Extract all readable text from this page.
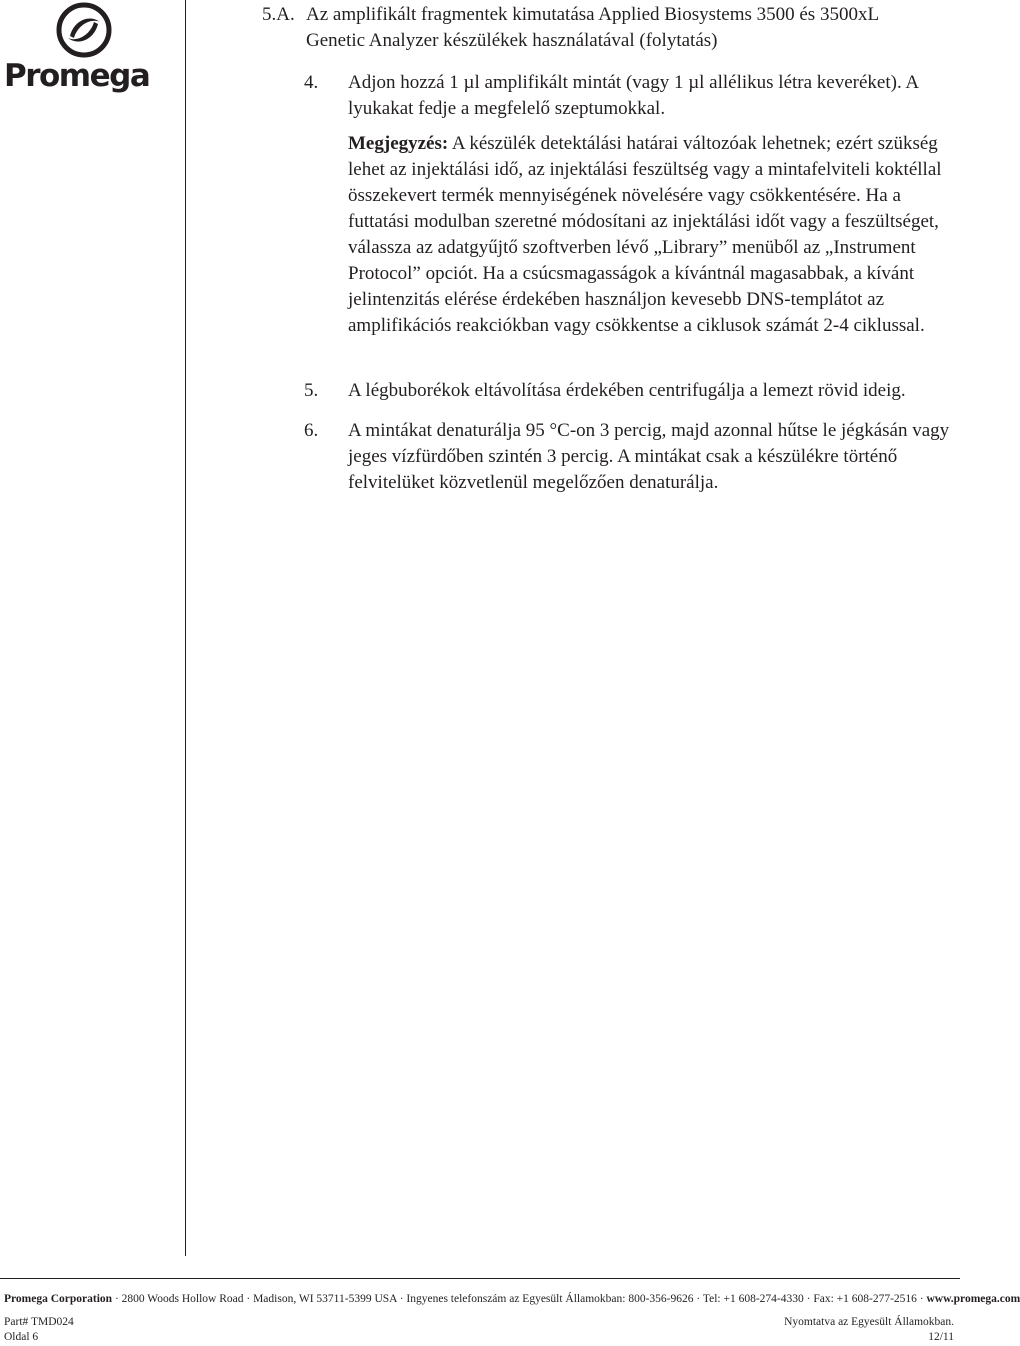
Promega
5.A. Az amplifikált fragmentek kimutatása Applied Biosystems 3500 és 3500xL
Genetic Analyzer készülékek használatával (folytatás)
4.	Adjon hozzá 1 µl amplifikált mintát (vagy 1 µl allélikus létra keveréket). A lyukakat fedje a megfelelő szeptumokkal.
Megjegyzés: A készülék detektálási határai változóak lehetnek; ezért szükség lehet az injektálási idő, az injektálási feszültség vagy a mintafelviteli koktéllal összekevert termék mennyiségének növelésére vagy csökkentésére. Ha a futtatási modulban szeretné módosítani az injektálási időt vagy a feszültséget, válassza az adatgyűjtő szoftverben lévő „Library” menüből az „Instrument Protocol” opciót. Ha a csúcsmagasságok a kívántnál magasabbak, a kívánt jelintenzitás elérése érdekében használjon kevesebb DNS-templátot az amplifikációs reakciókban vagy csökkentse a ciklusok számát 2-4 ciklussal.
5.	A légbuborékok eltávolítása érdekében centrifugálja a lemezt rövid ideig.
6.	A mintákat denaturálja 95 °C-on 3 percig, majd azonnal hűtse le jégkásán vagy jeges vízfürdőben szintén 3 percig. A mintákat csak a készülékre történő felvitelüket közvetlenül megelőzően denaturálja.
Promega Corporation · 2800 Woods Hollow Road · Madison, WI 53711-5399 USA · Ingyenes telefonszám az Egyesült Államokban: 800-356-9626 · Tel: +1 608-274-4330 · Fax: +1 608-277-2516 · www.promega.com
Part# TMD024
Oldal 6
Nyomtatva az Egyesült Államokban.
12/11
